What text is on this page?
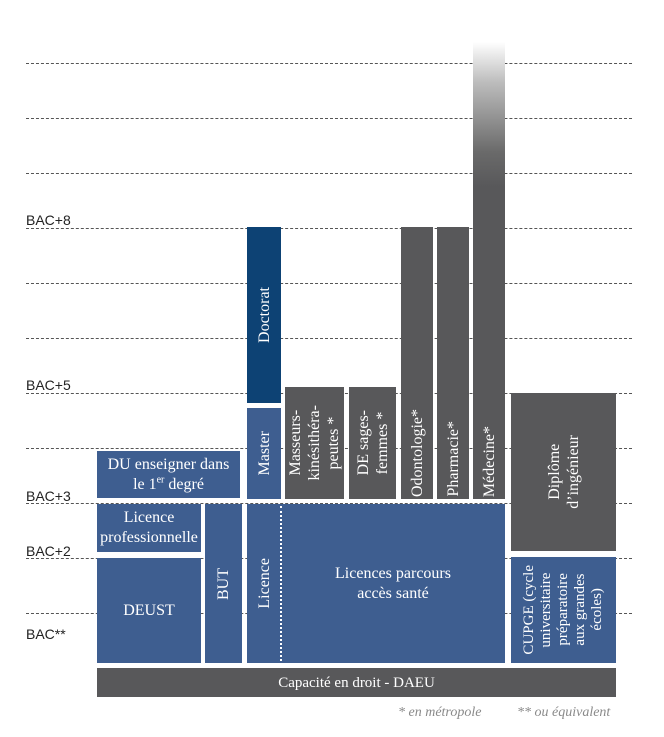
BAC+8
BAC+5
BAC+3
BAC+2
BAC**
DU enseigner dans
le 1er degré
Licence professionnelle
DEUST
BUT Licence	Licences parcours
accès santé
Master
Doctorat
Masseurs-
kinésithéra-
peutes *
DE sages-
femmes * Odontologie* Pharmacie* Médecine*	Diplôme
d’ingénieur
CUPGE (cycle
universitaire
préparatoire
aux grandes
écoles)
Capacité en droit - DAEU
* en métropole	** ou équivalent
